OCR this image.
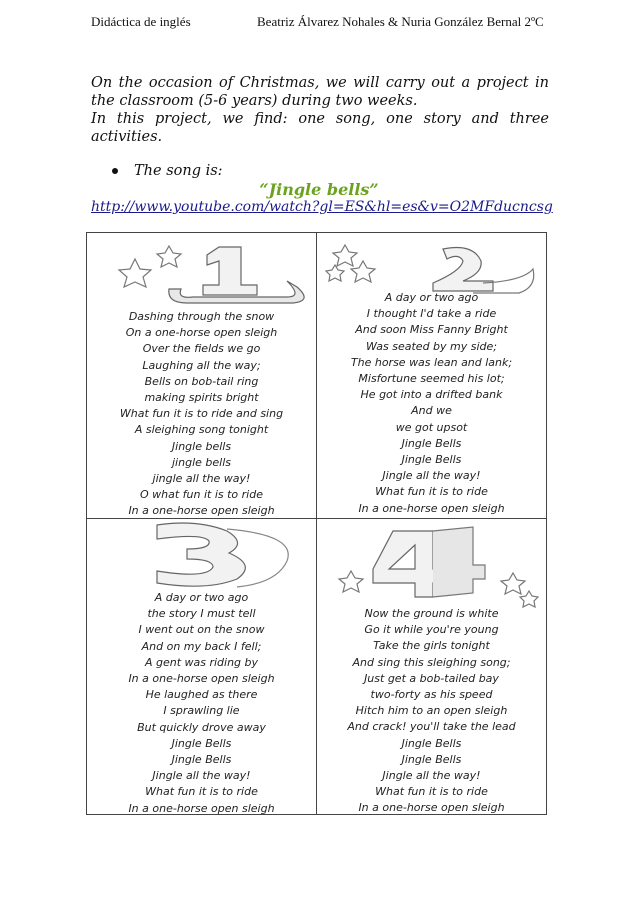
Didáctica de inglés	Beatriz Álvarez Nohales & Nuria González Bernal 2ºC

On the occasion of Christmas, we will carry out a project in the classroom (5-6 years) during two weeks.

In this project, we find: one song, one story and three activities.

The song is:
“Jingle bells”
http://www.youtube.com/watch?gl=ES&hl=es&v=O2MFducncsg
Dashing through the snow
On a one-horse open sleigh
Over the fields we go
Laughing all the way;
Bells on bob-tail ring
making spirits bright
What fun it is to ride and sing
A sleighing song tonight
Jingle bells
jingle bells
jingle all the way!
O what fun it is to ride
In a one-horse open sleigh
A day or two ago
I thought I'd take a ride
And soon Miss Fanny Bright
Was seated by my side;
The horse was lean and lank;
Misfortune seemed his lot;
He got into a drifted bank
And we
we got upsot
Jingle Bells
Jingle Bells
Jingle all the way!
What fun it is to ride
In a one-horse open sleigh
A day or two ago
the story I must tell
I went out on the snow
And on my back I fell;
A gent was riding by
In a one-horse open sleigh
He laughed as there
I sprawling lie
But quickly drove away
Jingle Bells
Jingle Bells
Jingle all the way!
What fun it is to ride
In a one-horse open sleigh
Now the ground is white
Go it while you're young
Take the girls tonight
And sing this sleighing song;
Just get a bob-tailed bay
two-forty as his speed
Hitch him to an open sleigh
And crack! you'll take the lead
Jingle Bells
Jingle Bells
Jingle all the way!
What fun it is to ride
In a one-horse open sleigh
